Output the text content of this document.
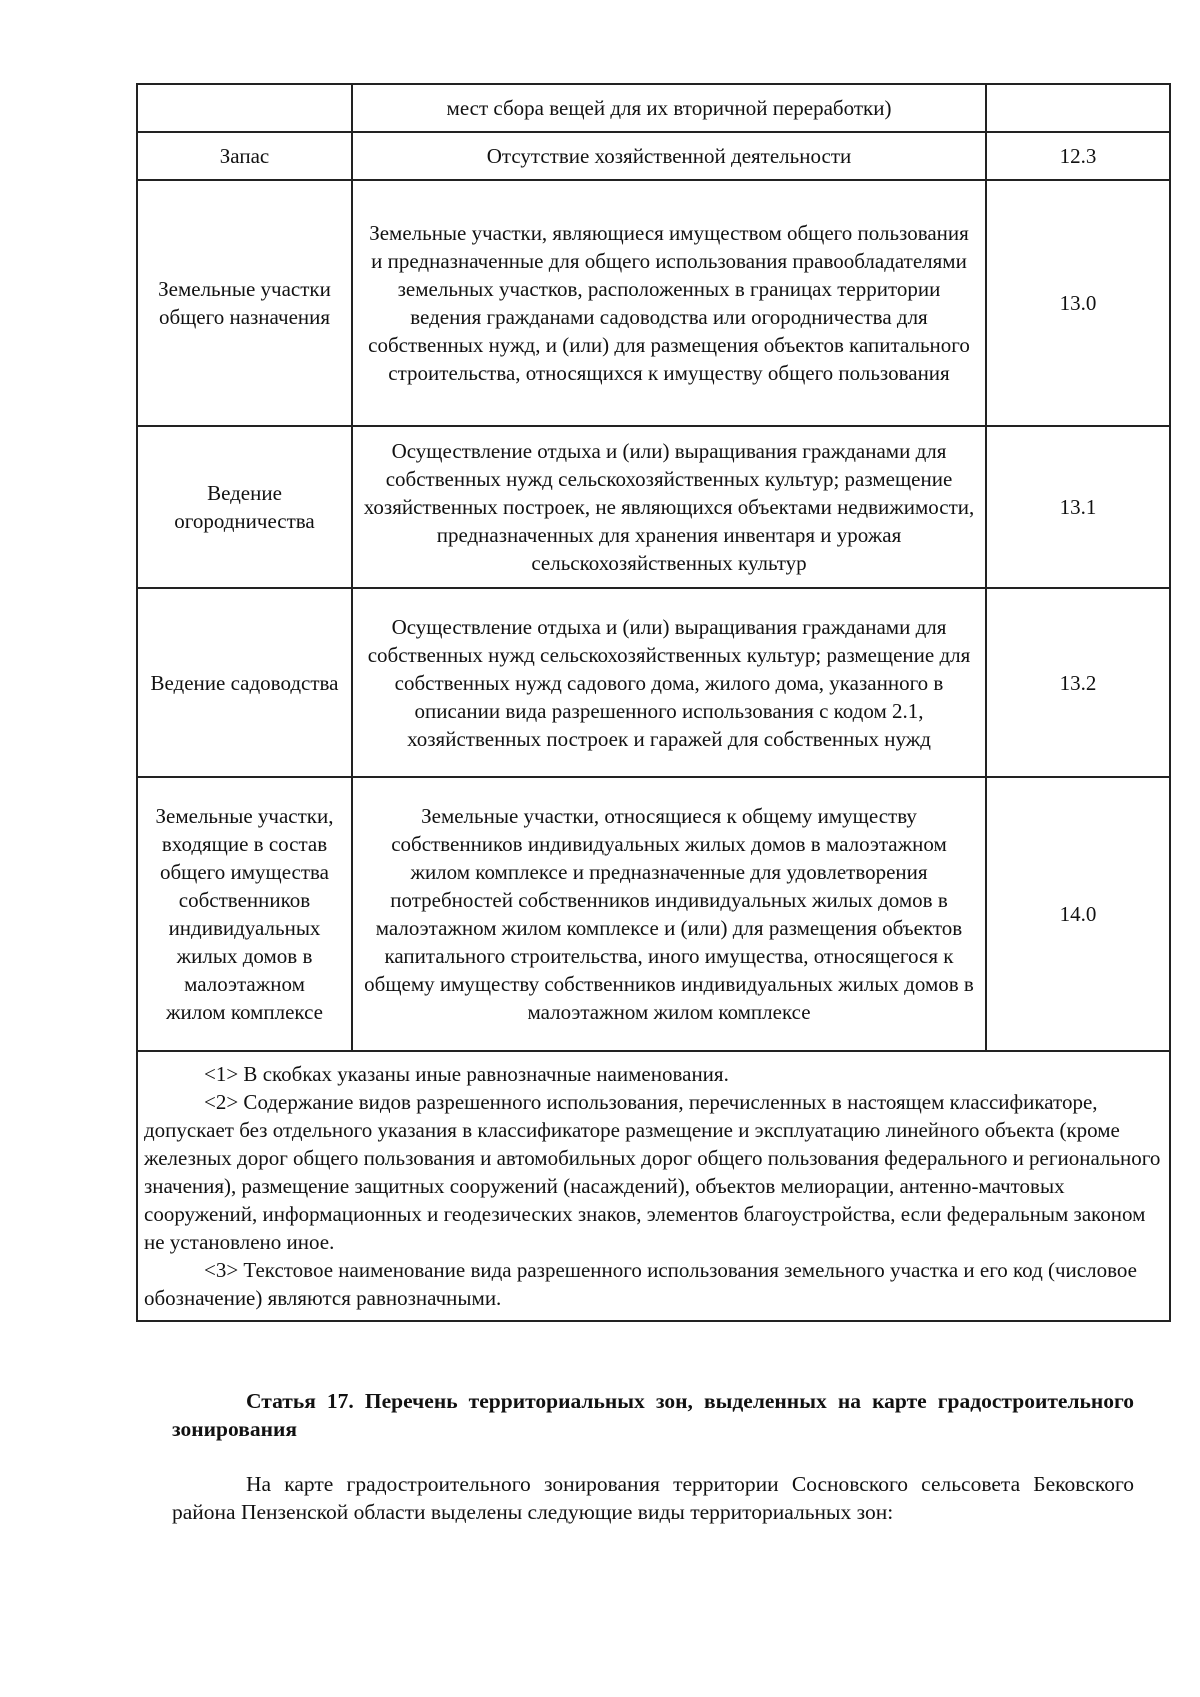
	мест сбора вещей для их вторичной переработки)	
Запас	Отсутствие хозяйственной деятельности	12.3
Земельные участки общего назначения	Земельные участки, являющиеся имуществом общего пользования и предназначенные для общего использования правообладателями земельных участков, расположенных в границах территории ведения гражданами садоводства или огородничества для собственных нужд, и (или) для размещения объектов капитального строительства, относящихся к имуществу общего пользования	13.0
Ведение огородничества	Осуществление отдыха и (или) выращивания гражданами для собственных нужд сельскохозяйственных культур; размещение хозяйственных построек, не являющихся объектами недвижимости, предназначенных для хранения инвентаря и урожая сельскохозяйственных культур	13.1
Ведение садоводства	Осуществление отдыха и (или) выращивания гражданами для собственных нужд сельскохозяйственных культур; размещение для собственных нужд садового дома, жилого дома, указанного в описании вида разрешенного использования с кодом 2.1, хозяйственных построек и гаражей для собственных нужд	13.2
Земельные участки, входящие в состав общего имущества собственников индивидуальных жилых домов в малоэтажном жилом комплексе	Земельные участки, относящиеся к общему имуществу собственников индивидуальных жилых домов в малоэтажном жилом комплексе и предназначенные для удовлетворения потребностей собственников индивидуальных жилых домов в малоэтажном жилом комплексе и (или) для размещения объектов капитального строительства, иного имущества, относящегося к общему имуществу собственников индивидуальных жилых домов в малоэтажном жилом комплексе	14.0

<1> В скобках указаны иные равнозначные наименования.
<2> Содержание видов разрешенного использования, перечисленных в настоящем классификаторе, допускает без отдельного указания в классификаторе размещение и эксплуатацию линейного объекта (кроме железных дорог общего пользования и автомобильных дорог общего пользования федерального и регионального значения), размещение защитных сооружений (насаждений), объектов мелиорации, антенно-мачтовых сооружений, информационных и геодезических знаков, элементов благоустройства, если федеральным законом не установлено иное.
<3> Текстовое наименование вида разрешенного использования земельного участка и его код (числовое обозначение) являются равнозначными.		
Статья 17. Перечень территориальных зон, выделенных на карте градостроительного зонирования
На карте градостроительного зонирования территории Сосновского сельсовета Бековского района Пензенской области выделены следующие виды территориальных зон:
